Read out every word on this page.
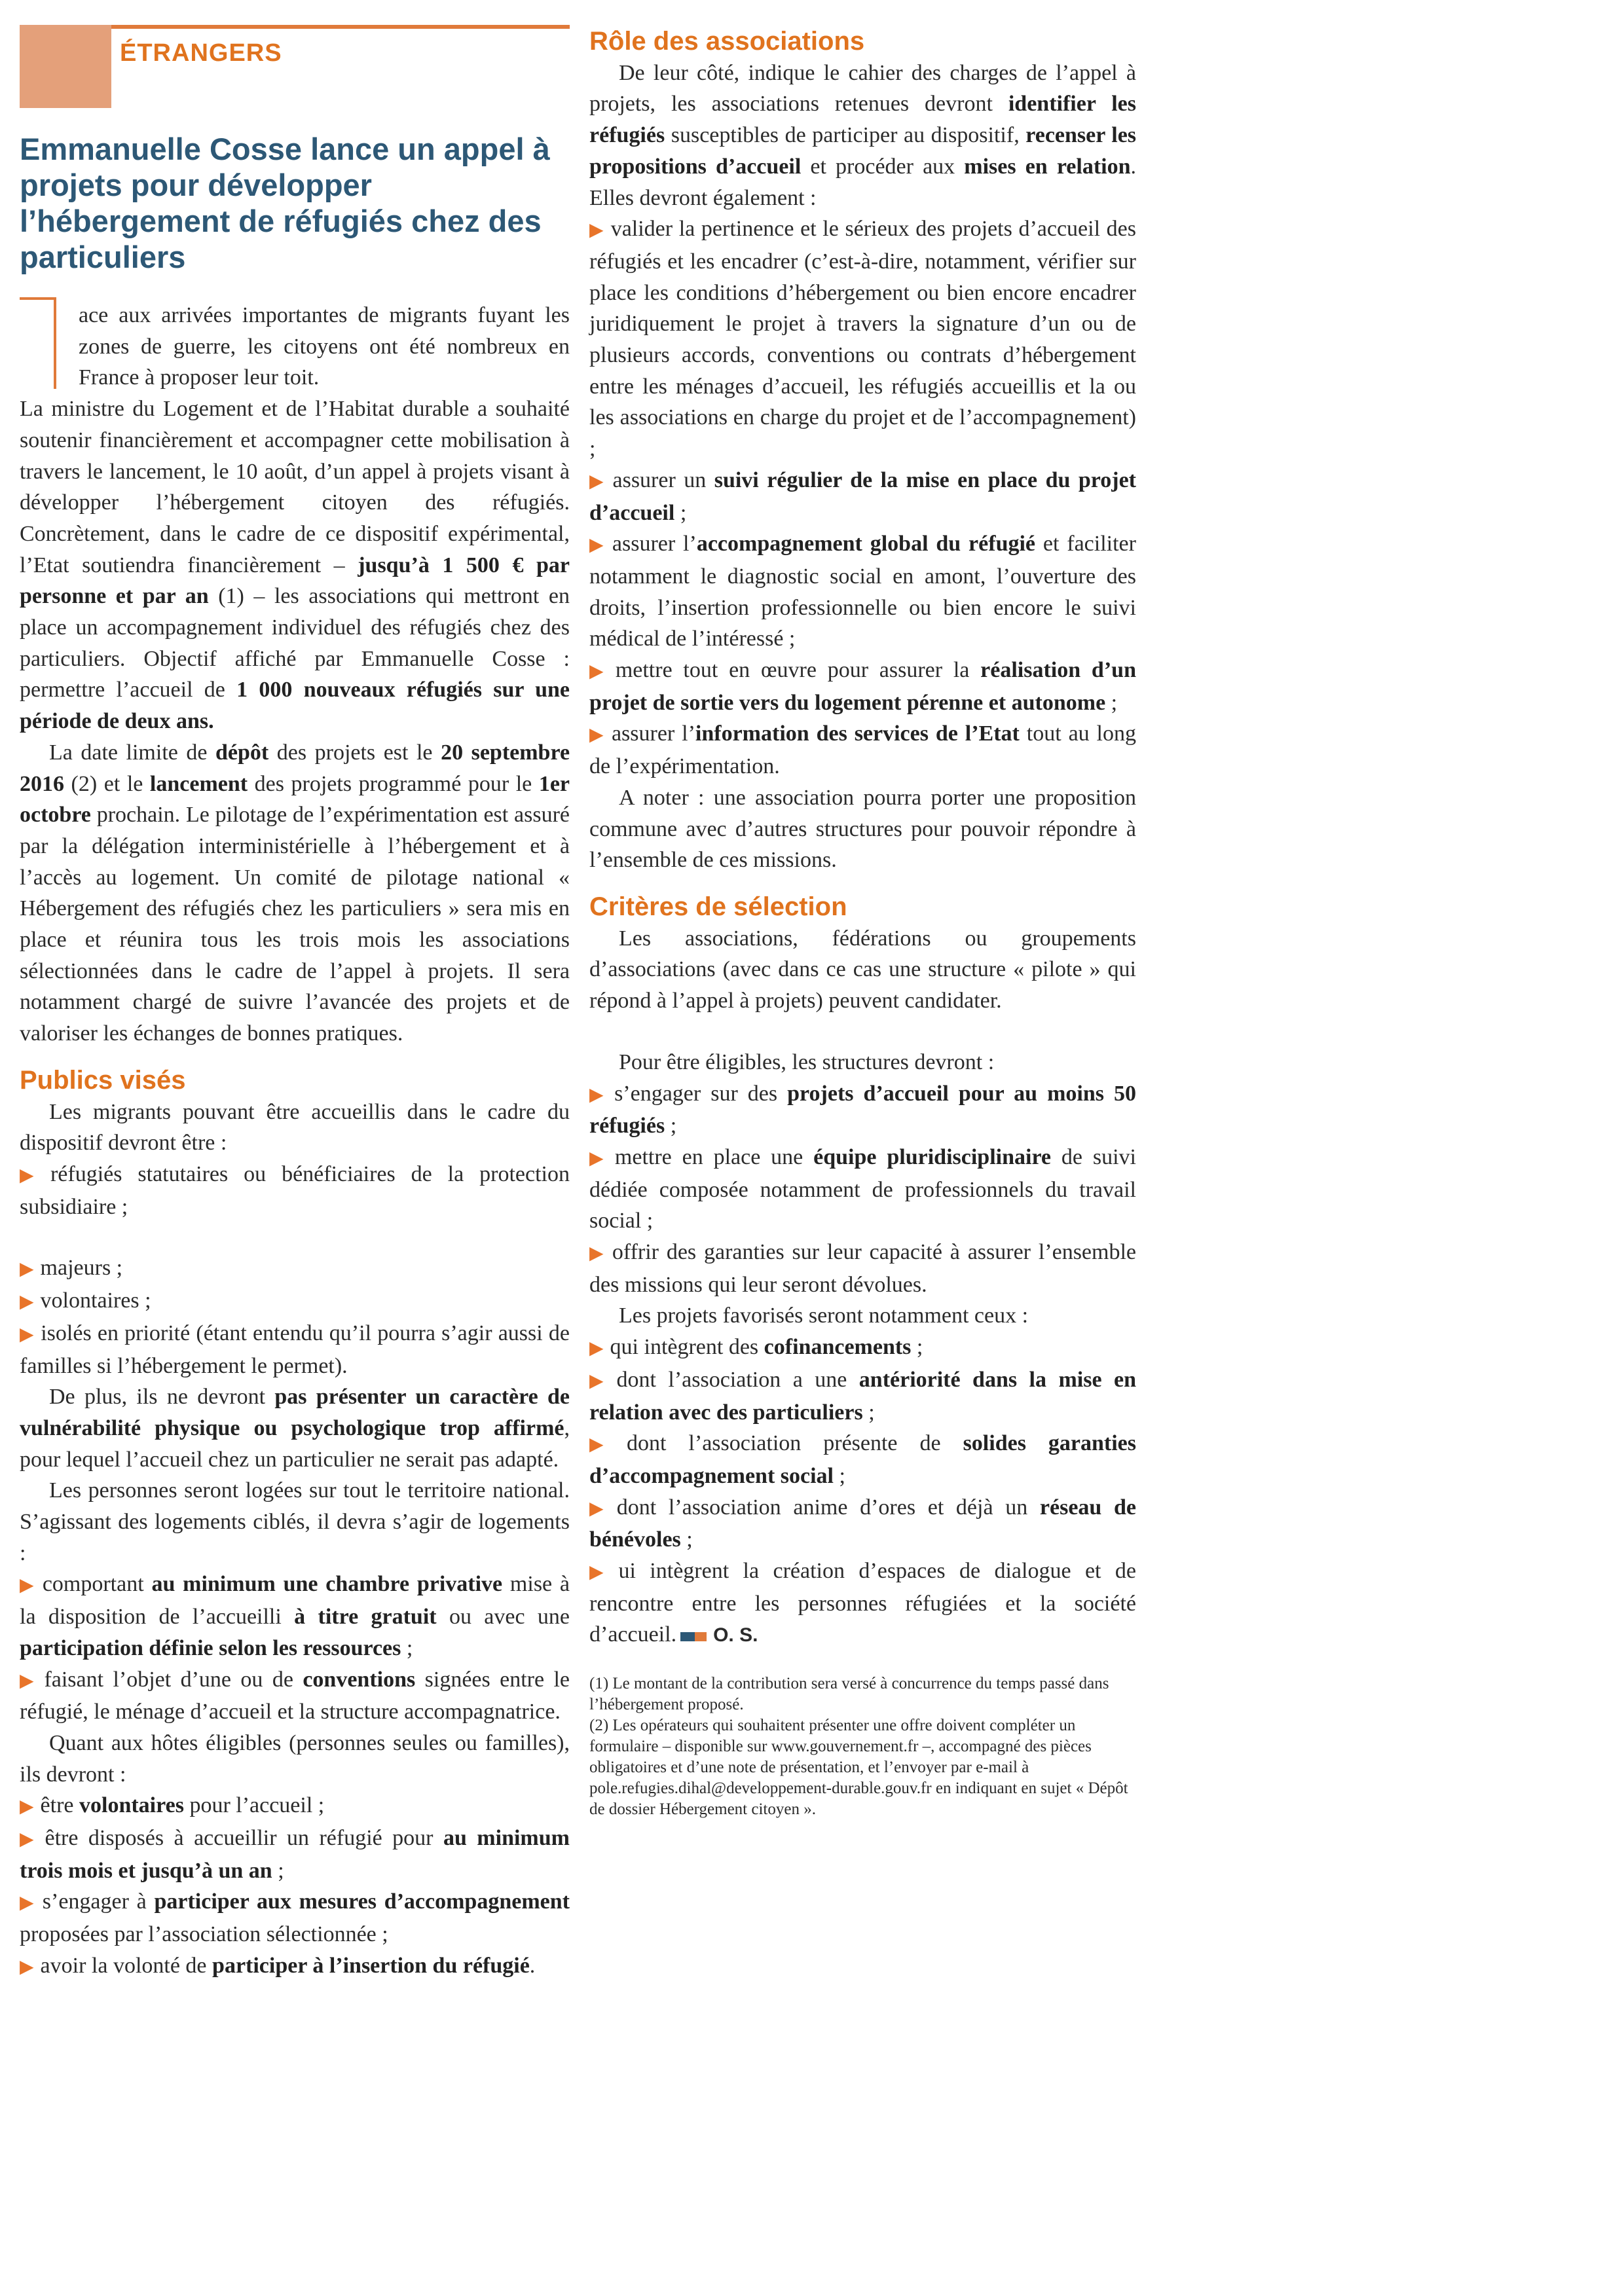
ÉTRANGERS

Emmanuelle Cosse lance un appel à projets pour développer l’hébergement de réfugiés chez des particuliers

ace aux arrivées importantes de migrants fuyant les zones de guerre, les citoyens ont été nombreux en France à proposer leur toit.

La ministre du Logement et de l’Habitat durable a souhaité soutenir financièrement et accompagner cette mobilisation à travers le lancement, le 10 août, d’un appel à projets visant à développer l’hébergement citoyen des réfugiés. Concrètement, dans le cadre de ce dispositif expérimental, l’Etat soutiendra financièrement – jusqu’à 1 500 € par personne et par an (1) – les associations qui mettront en place un accompagnement individuel des réfugiés chez des particuliers. Objectif affiché par Emmanuelle Cosse : permettre l’accueil de 1 000 nouveaux réfugiés sur une période de deux ans.

La date limite de dépôt des projets est le 20 septembre 2016 (2) et le lancement des projets programmé pour le 1er octobre prochain. Le pilotage de l’expérimentation est assuré par la délégation interministérielle à l’hébergement et à l’accès au logement. Un comité de pilotage national « Hébergement des réfugiés chez les particuliers » sera mis en place et réunira tous les trois mois les associations sélectionnées dans le cadre de l’appel à projets. Il sera notamment chargé de suivre l’avancée des projets et de valoriser les échanges de bonnes pratiques.

Publics visés

Les migrants pouvant être accueillis dans le cadre du dispositif devront être :

▶ réfugiés statutaires ou bénéficiaires de la protection subsidiaire ;

▶ majeurs ;

▶ volontaires ;

▶ isolés en priorité (étant entendu qu’il pourra s’agir aussi de familles si l’hébergement le permet).

De plus, ils ne devront pas présenter un caractère de vulnérabilité physique ou psychologique trop affirmé, pour lequel l’accueil chez un particulier ne serait pas adapté.

Les personnes seront logées sur tout le territoire national. S’agissant des logements ciblés, il devra s’agir de logements :

▶ comportant au minimum une chambre privative mise à la disposition de l’accueilli à titre gratuit ou avec une participation définie selon les ressources ;

▶ faisant l’objet d’une ou de conventions signées entre le réfugié, le ménage d’accueil et la structure accompagnatrice.

Quant aux hôtes éligibles (personnes seules ou familles), ils devront :

▶ être volontaires pour l’accueil ;

▶ être disposés à accueillir un réfugié pour au minimum trois mois et jusqu’à un an ;

▶ s’engager à participer aux mesures d’accompagnement proposées par l’association sélectionnée ;

▶ avoir la volonté de participer à l’insertion du réfugié.

Rôle des associations

De leur côté, indique le cahier des charges de l’appel à projets, les associations retenues devront identifier les réfugiés susceptibles de participer au dispositif, recenser les propositions d’accueil et procéder aux mises en relation. Elles devront également :

▶ valider la pertinence et le sérieux des projets d’accueil des réfugiés et les encadrer (c’est-à-dire, notamment, vérifier sur place les conditions d’hébergement ou bien encore encadrer juridiquement le projet à travers la signature d’un ou de plusieurs accords, conventions ou contrats d’hébergement entre les ménages d’accueil, les réfugiés accueillis et la ou les associations en charge du projet et de l’accompagnement) ;

▶ assurer un suivi régulier de la mise en place du projet d’accueil ;

▶ assurer l’accompagnement global du réfugié et faciliter notamment le diagnostic social en amont, l’ouverture des droits, l’insertion professionnelle ou bien encore le suivi médical de l’intéressé ;

▶ mettre tout en œuvre pour assurer la réalisation d’un projet de sortie vers du logement pérenne et autonome ;

▶ assurer l’information des services de l’Etat tout au long de l’expérimentation.

A noter : une association pourra porter une proposition commune avec d’autres structures pour pouvoir répondre à l’ensemble de ces missions.

Critères de sélection

Les associations, fédérations ou groupements d’associations (avec dans ce cas une structure « pilote » qui répond à l’appel à projets) peuvent candidater.

Pour être éligibles, les structures devront :

▶ s’engager sur des projets d’accueil pour au moins 50 réfugiés ;

▶ mettre en place une équipe pluridisciplinaire de suivi dédiée composée notamment de professionnels du travail social ;

▶ offrir des garanties sur leur capacité à assurer l’ensemble des missions qui leur seront dévolues.

Les projets favorisés seront notamment ceux :

▶ qui intègrent des cofinancements ;

▶ dont l’association a une antériorité dans la mise en relation avec des particuliers ;

▶ dont l’association présente de solides garanties d’accompagnement social ;

▶ dont l’association anime d’ores et déjà un réseau de bénévoles ;

▶ ui intègrent la création d’espaces de dialogue et de rencontre entre les personnes réfugiées et la société d’accueil. O. S.

(1) Le montant de la contribution sera versé à concurrence du temps passé dans l’hébergement proposé.

(2) Les opérateurs qui souhaitent présenter une offre doivent compléter un formulaire – disponible sur www.gouvernement.fr –, accompagné des pièces obligatoires et d’une note de présentation, et l’envoyer par e-mail à pole.refugies.dihal@developpement-durable.gouv.fr en indiquant en sujet « Dépôt de dossier Hébergement citoyen ».
